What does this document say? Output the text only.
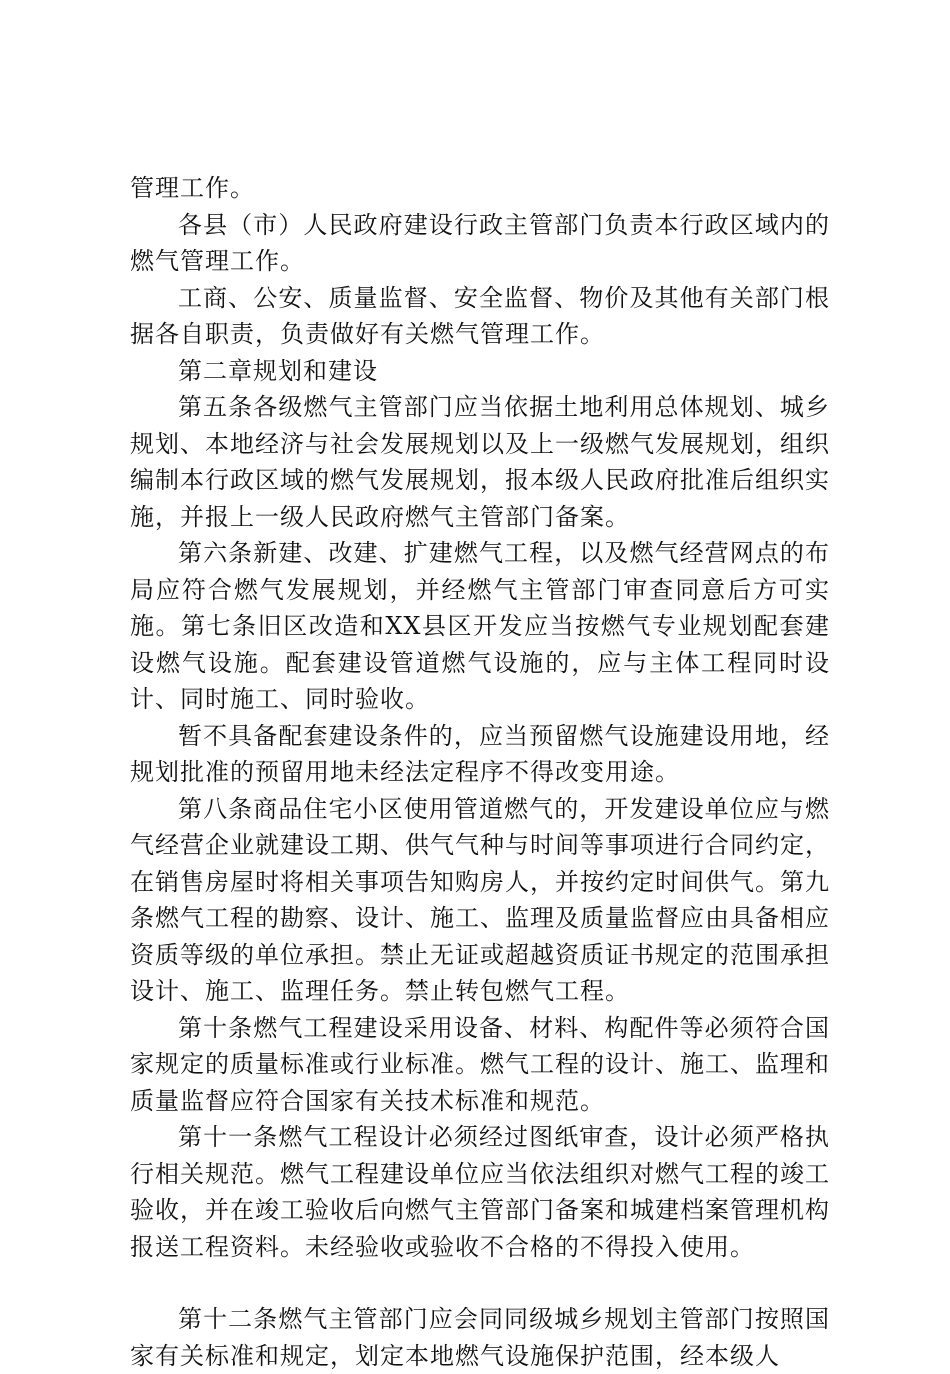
管理工作。

各县（市）人民政府建设行政主管部门负责本行政区域内的燃气管理工作。

工商、公安、质量监督、安全监督、物价及其他有关部门根据各自职责，负责做好有关燃气管理工作。

第二章规划和建设

第五条各级燃气主管部门应当依据土地利用总体规划、城乡规划、本地经济与社会发展规划以及上一级燃气发展规划，组织编制本行政区域的燃气发展规划，报本级人民政府批准后组织实施，并报上一级人民政府燃气主管部门备案。

第六条新建、改建、扩建燃气工程，以及燃气经营网点的布局应符合燃气发展规划，并经燃气主管部门审查同意后方可实施。第七条旧区改造和XX县区开发应当按燃气专业规划配套建设燃气设施。配套建设管道燃气设施的，应与主体工程同时设计、同时施工、同时验收。

暂不具备配套建设条件的，应当预留燃气设施建设用地，经规划批准的预留用地未经法定程序不得改变用途。

第八条商品住宅小区使用管道燃气的，开发建设单位应与燃气经营企业就建设工期、供气气种与时间等事项进行合同约定，在销售房屋时将相关事项告知购房人，并按约定时间供气。第九条燃气工程的勘察、设计、施工、监理及质量监督应由具备相应资质等级的单位承担。禁止无证或超越资质证书规定的范围承担设计、施工、监理任务。禁止转包燃气工程。

第十条燃气工程建设采用设备、材料、构配件等必须符合国家规定的质量标准或行业标准。燃气工程的设计、施工、监理和质量监督应符合国家有关技术标准和规范。

第十一条燃气工程设计必须经过图纸审查，设计必须严格执行相关规范。燃气工程建设单位应当依法组织对燃气工程的竣工验收，并在竣工验收后向燃气主管部门备案和城建档案管理机构报送工程资料。未经验收或验收不合格的不得投入使用。

第十二条燃气主管部门应会同同级城乡规划主管部门按照国家有关标准和规定，划定本地燃气设施保护范围，经本级人
